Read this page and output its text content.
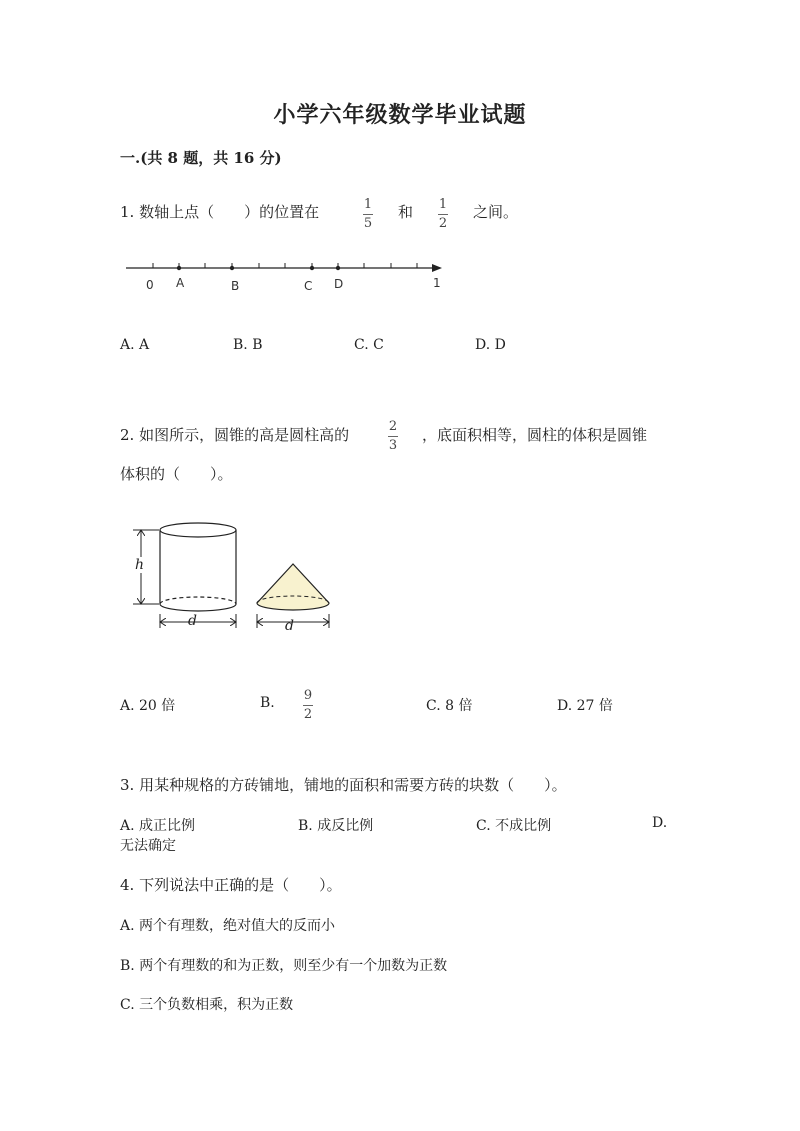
小学六年级数学毕业试题
一.(共 8 题，共 16 分)
1. 数轴上点（　　）的位置在	1
5
和 1
2
之间。
0 A	B	C D	1
A. A	B. B	C. C	D. D
2. 如图所示，圆锥的高是圆柱高的	2
3
，底面积相等，圆柱的体积是圆锥
体积的（　　）。
h
d	d
A. 20 倍	B. 9
2
C. 8 倍	D. 27 倍
3. 用某种规格的方砖铺地，铺地的面积和需要方砖的块数（　　）。
A. 成正比例	B. 成反比例	C. 不成比例	D.
无法确定
4. 下列说法中正确的是（　　）。
A. 两个有理数，绝对值大的反而小
B. 两个有理数的和为正数，则至少有一个加数为正数
C. 三个负数相乘，积为正数
